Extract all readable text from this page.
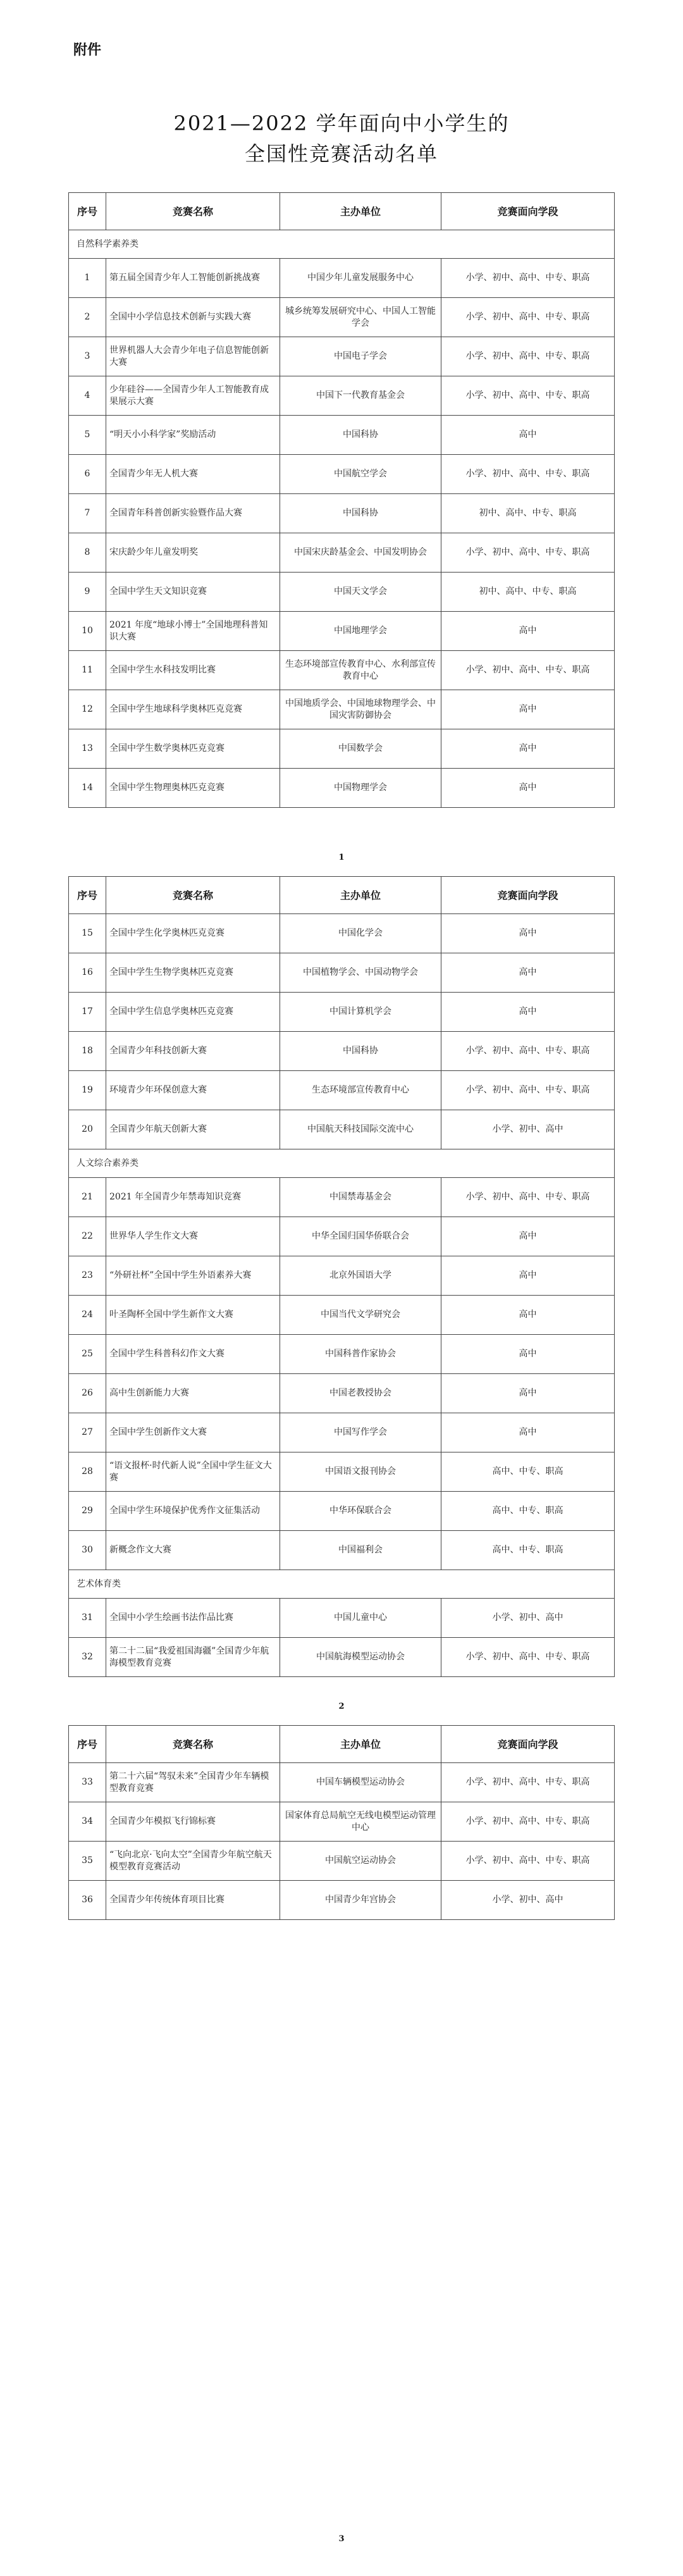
附件
2021—2022 学年面向中小学生的
全国性竞赛活动名单
序号	竞赛名称	主办单位	竞赛面向学段
自然科学素养类			
1	第五届全国青少年人工智能创新挑战赛	中国少年儿童发展服务中心	小学、初中、高中、中专、职高
2	全国中小学信息技术创新与实践大赛	城乡统筹发展研究中心、中国人工智能学会	小学、初中、高中、中专、职高
3	世界机器人大会青少年电子信息智能创新大赛	中国电子学会	小学、初中、高中、中专、职高
4	少年硅谷——全国青少年人工智能教育成果展示大赛	中国下一代教育基金会	小学、初中、高中、中专、职高
5	“明天小小科学家”奖励活动	中国科协	高中
6	全国青少年无人机大赛	中国航空学会	小学、初中、高中、中专、职高
7	全国青年科普创新实验暨作品大赛	中国科协	初中、高中、中专、职高
8	宋庆龄少年儿童发明奖	中国宋庆龄基金会、中国发明协会	小学、初中、高中、中专、职高
9	全国中学生天文知识竞赛	中国天文学会	初中、高中、中专、职高
10	2021 年度“地球小博士”全国地理科普知识大赛	中国地理学会	高中
11	全国中学生水科技发明比赛	生态环境部宣传教育中心、水利部宣传教育中心	小学、初中、高中、中专、职高
12	全国中学生地球科学奥林匹克竞赛	中国地质学会、中国地球物理学会、中国灾害防御协会	高中
13	全国中学生数学奥林匹克竞赛	中国数学会	高中
14	全国中学生物理奥林匹克竞赛	中国物理学会	高中
1
序号	竞赛名称	主办单位	竞赛面向学段
15	全国中学生化学奥林匹克竞赛	中国化学会	高中
16	全国中学生生物学奥林匹克竞赛	中国植物学会、中国动物学会	高中
17	全国中学生信息学奥林匹克竞赛	中国计算机学会	高中
18	全国青少年科技创新大赛	中国科协	小学、初中、高中、中专、职高
19	环境青少年环保创意大赛	生态环境部宣传教育中心	小学、初中、高中、中专、职高
20	全国青少年航天创新大赛	中国航天科技国际交流中心	小学、初中、高中
人文综合素养类			
21	2021 年全国青少年禁毒知识竞赛	中国禁毒基金会	小学、初中、高中、中专、职高
22	世界华人学生作文大赛	中华全国归国华侨联合会	高中
23	“外研社杯”全国中学生外语素养大赛	北京外国语大学	高中
24	叶圣陶杯全国中学生新作文大赛	中国当代文学研究会	高中
25	全国中学生科普科幻作文大赛	中国科普作家协会	高中
26	高中生创新能力大赛	中国老教授协会	高中
27	全国中学生创新作文大赛	中国写作学会	高中
28	“语文报杯·时代新人说”全国中学生征文大赛	中国语文报刊协会	高中、中专、职高
29	全国中学生环境保护优秀作文征集活动	中华环保联合会	高中、中专、职高
30	新概念作文大赛	中国福利会	高中、中专、职高
艺术体育类			
31	全国中小学生绘画书法作品比赛	中国儿童中心	小学、初中、高中
32	第二十二届“我爱祖国海疆”全国青少年航海模型教育竞赛	中国航海模型运动协会	小学、初中、高中、中专、职高
2
序号	竞赛名称	主办单位	竞赛面向学段
33	第二十六届“驾驭未来”全国青少年车辆模型教育竞赛	中国车辆模型运动协会	小学、初中、高中、中专、职高
34	全国青少年模拟飞行锦标赛	国家体育总局航空无线电模型运动管理中心	小学、初中、高中、中专、职高
35	“飞向北京·飞向太空”全国青少年航空航天模型教育竞赛活动	中国航空运动协会	小学、初中、高中、中专、职高
36	全国青少年传统体育项目比赛	中国青少年宫协会	小学、初中、高中
3
